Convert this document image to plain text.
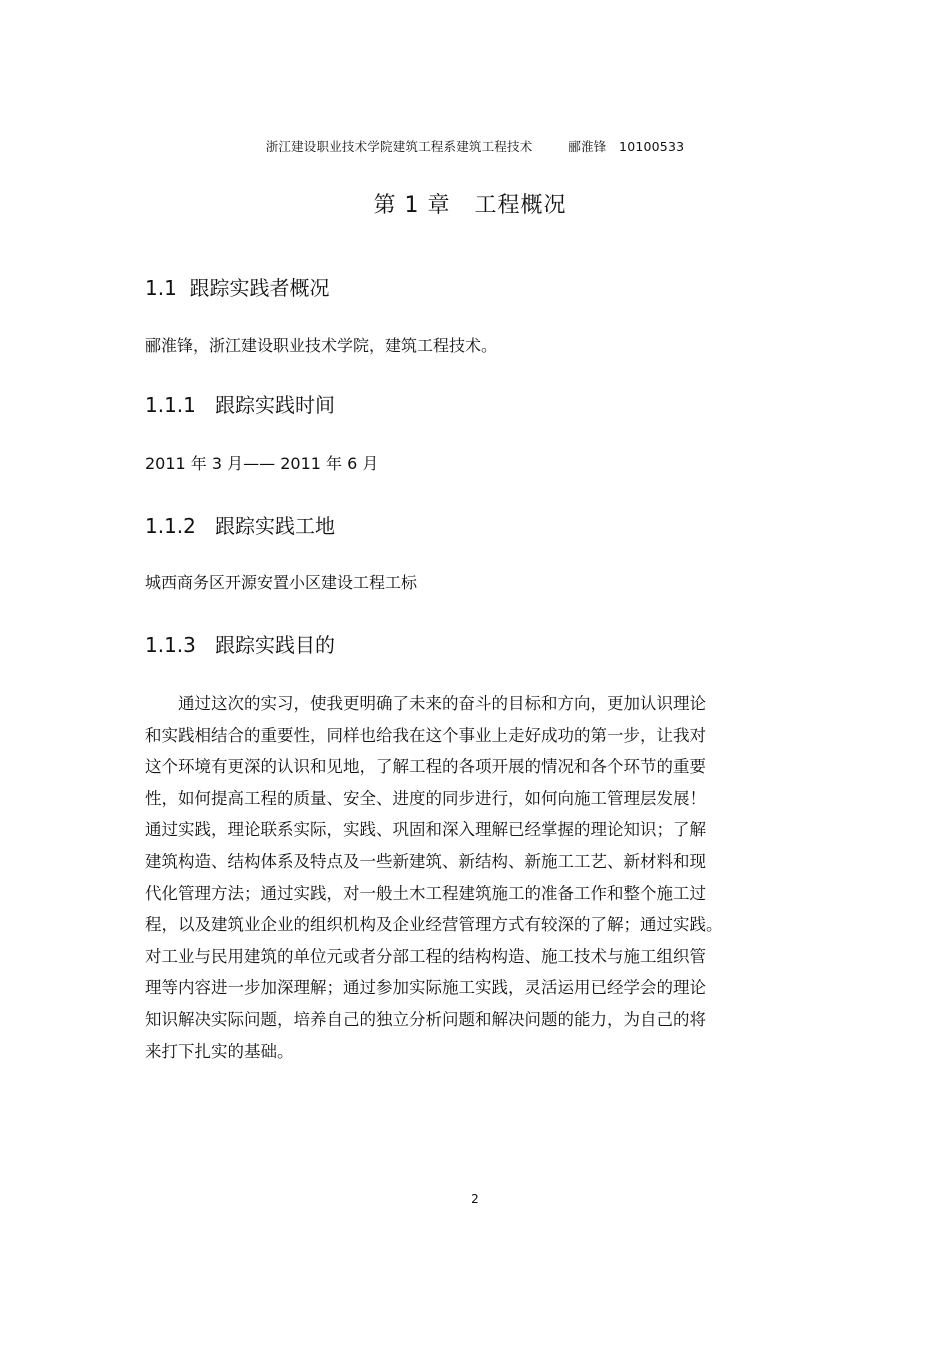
浙江建设职业技术学院建筑工程系建筑工程技术	郦淮锋 10100533
第 1 章   工程概况
1.1  跟踪实践者概况
郦淮锋，浙江建设职业技术学院，建筑工程技术。
1.1.1   跟踪实践时间
2011 年 3 月—— 2011 年 6 月
1.1.2   跟踪实践工地
城西商务区开源安置小区建设工程工标
1.1.3   跟踪实践目的
　　通过这次的实习，使我更明确了未来的奋斗的目标和方向，更加认识理论
和实践相结合的重要性，同样也给我在这个事业上走好成功的第一步，让我对
这个环境有更深的认识和见地，了解工程的各项开展的情况和各个环节的重要
性，如何提高工程的质量、安全、进度的同步进行，如何向施工管理层发展！
通过实践，理论联系实际，实践、巩固和深入理解已经掌握的理论知识；了解
建筑构造、结构体系及特点及一些新建筑、新结构、新施工工艺、新材料和现
代化管理方法；通过实践，对一般土木工程建筑施工的准备工作和整个施工过
程，以及建筑业企业的组织机构及企业经营管理方式有较深的了解；通过实践。
对工业与民用建筑的单位元或者分部工程的结构构造、施工技术与施工组织管
理等内容进一步加深理解；通过参加实际施工实践，灵活运用已经学会的理论
知识解决实际问题，培养自己的独立分析问题和解决问题的能力，为自己的将
来打下扎实的基础。
2
